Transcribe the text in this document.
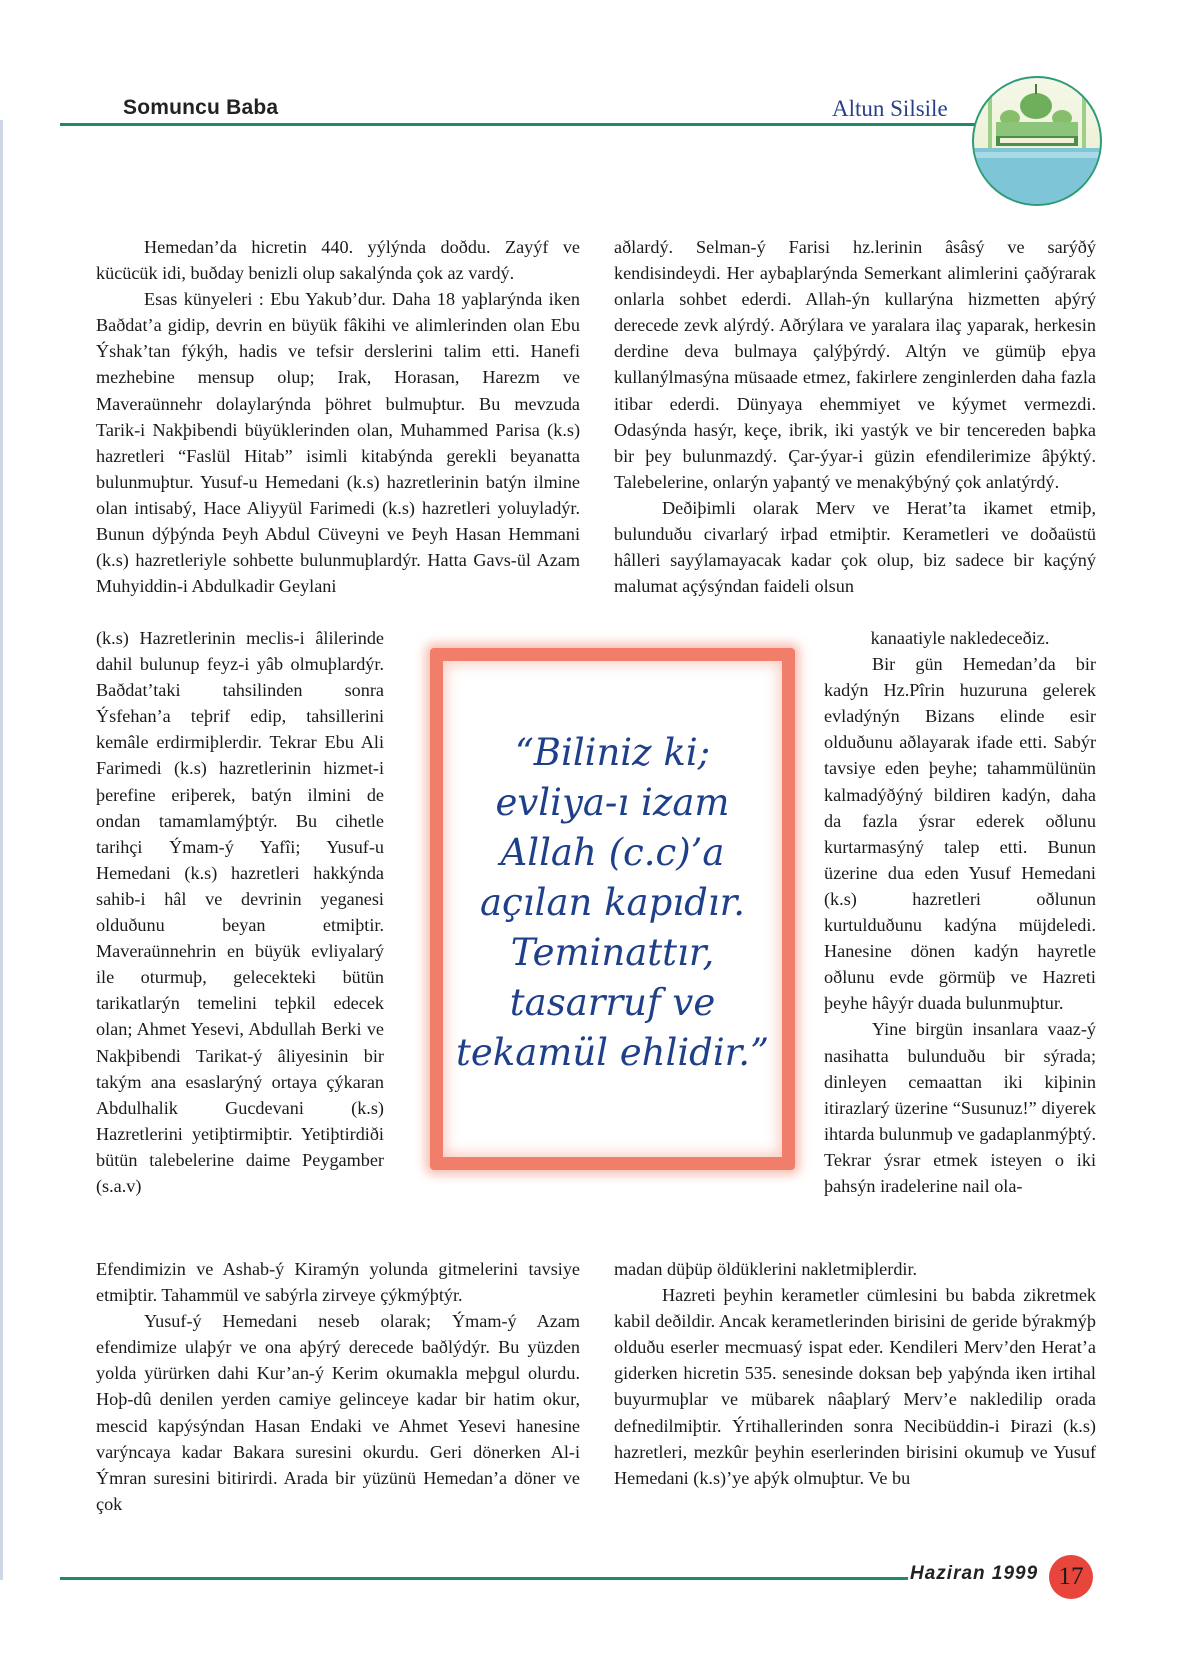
Somuncu Baba	Altun Silsile

Hemedan’da hicretin 440. yýlýnda doðdu. Zayýf ve kücücük idi, buðday benizli olup sakalýnda çok az vardý.

Esas künyeleri : Ebu Yakub’dur. Daha 18 yaþlarýnda iken Baðdat’a gidip, devrin en büyük fâkihi ve alimlerinden olan Ebu Ýshak’tan fýkýh, hadis ve tefsir derslerini talim etti. Hanefi mezhebine mensup olup; Irak, Horasan, Harezm ve Maveraünnehr dolaylarýnda þöhret bulmuþtur. Bu mevzuda Tarik-i Nakþibendi büyüklerinden olan, Muhammed Parisa (k.s) hazretleri “Faslül Hitab” isimli kitabýnda gerekli beyanatta bulunmuþtur. Yusuf-u Hemedani (k.s) hazretlerinin batýn ilmine olan intisabý, Hace Aliyyül Farimedi (k.s) hazretleri yoluyladýr. Bunun dýþýnda Þeyh Abdul Cüveyni ve Þeyh Hasan Hemmani (k.s) hazretleriyle sohbette bulunmuþlardýr. Hatta Gavs-ül Azam Muhyiddin-i Abdulkadir Geylani

(k.s) Hazretlerinin meclis-i âlilerinde dahil bulunup feyz-i yâb olmuþlardýr. Baðdat’taki tahsilinden sonra Ýsfehan’a teþrif edip, tahsillerini kemâle erdirmiþlerdir. Tekrar Ebu Ali Farimedi (k.s) hazretlerinin hizmet-i þerefine eriþerek, batýn ilmini de ondan tamamlamýþtýr. Bu cihetle tarihçi Ýmam-ý Yafîi; Yusuf-u Hemedani (k.s) hazretleri hakkýnda sahib-i hâl ve devrinin yeganesi olduðunu beyan etmiþtir. Maveraünnehrin en büyük evliyalarý ile oturmuþ, gelecekteki bütün tarikatlarýn temelini teþkil edecek olan; Ahmet Yesevi, Abdullah Berki ve Nakþibendi Tarikat-ý âliyesinin bir takým ana esaslarýný ortaya çýkaran Abdulhalik Gucdevani (k.s) Hazretlerini yetiþtirmiþtir. Yetiþtirdiði bütün talebelerine daime Peygamber (s.a.v)

Efendimizin ve Ashab-ý Kiramýn yolunda gitmelerini tavsiye etmiþtir. Tahammül ve sabýrla zirveye çýkmýþtýr.

Yusuf-ý Hemedani neseb olarak; Ýmam-ý Azam efendimize ulaþýr ve ona aþýrý derecede baðlýdýr. Bu yüzden yolda yürürken dahi Kur’an-ý Kerim okumakla meþgul olurdu. Hoþ-dû denilen yerden camiye gelinceye kadar bir hatim okur, mescid kapýsýndan Hasan Endaki ve Ahmet Yesevi hanesine varýncaya kadar Bakara suresini okurdu. Geri dönerken Al-i Ýmran suresini bitirirdi. Arada bir yüzünü Hemedan’a döner ve çok

aðlardý. Selman-ý Farisi hz.lerinin âsâsý ve sarýðý kendisindeydi. Her aybaþlarýnda Semerkant alimlerini çaðýrarak onlarla sohbet ederdi. Allah-ýn kullarýna hizmetten aþýrý derecede zevk alýrdý. Aðrýlara ve yaralara ilaç yaparak, herkesin derdine deva bulmaya çalýþýrdý. Altýn ve gümüþ eþya kullanýlmasýna müsaade etmez, fakirlere zenginlerden daha fazla itibar ederdi. Dünyaya ehemmiyet ve kýymet vermezdi. Odasýnda hasýr, keçe, ibrik, iki yastýk ve bir tencereden baþka bir þey bulunmazdý. Çar-ýyar-i güzin efendilerimize âþýktý. Talebelerine, onlarýn yaþantý ve menakýbýný çok anlatýrdý.

Deðiþimli olarak Merv ve Herat’ta ikamet etmiþ, bulunduðu civarlarý irþad etmiþtir. Kerametleri ve doðaüstü hâlleri sayýlamayacak kadar çok olup, biz sadece bir kaçýný malumat açýsýndan faideli olsun

kanaatiyle nakledeceðiz.

Bir gün Hemedan’da bir kadýn Hz.Pîrin huzuruna gelerek evladýnýn Bizans elinde esir olduðunu aðlayarak ifade etti. Sabýr tavsiye eden þeyhe; tahammülünün kalmadýðýný bildiren kadýn, daha da fazla ýsrar ederek oðlunu kurtarmasýný talep etti. Bunun üzerine dua eden Yusuf Hemedani (k.s) hazretleri oðlunun kurtulduðunu kadýna müjdeledi. Hanesine dönen kadýn hayretle oðlunu evde görmüþ ve Hazreti þeyhe hâyýr duada bulunmuþtur.

Yine birgün insanlara vaaz-ý nasihatta bulunduðu bir sýrada; dinleyen cemaattan iki kiþinin itirazlarý üzerine “Susunuz!” diyerek ihtarda bulunmuþ ve gadaplanmýþtý. Tekrar ýsrar etmek isteyen o iki þahsýn iradelerine nail ola-

madan düþüp öldüklerini nakletmiþlerdir.

Hazreti þeyhin kerametler cümlesini bu babda zikretmek kabil deðildir. Ancak kerametlerinden birisini de geride býrakmýþ olduðu eserler mecmuasý ispat eder. Kendileri Merv’den Herat’a giderken hicretin 535. senesinde doksan beþ yaþýnda iken irtihal buyurmuþlar ve mübarek nâaþlarý Merv’e nakledilip orada defnedilmiþtir. Ýrtihallerinden sonra Necibüddin-i Þirazi (k.s) hazretleri, mezkûr þeyhin eserlerinden birisini okumuþ ve Yusuf Hemedani (k.s)’ye aþýk olmuþtur. Ve bu

“Biliniz ki; evliya-ı izam Allah (c.c)’a açılan kapıdır. Teminattır, tasarruf ve tekamül ehlidir.”
Haziran 1999 17
